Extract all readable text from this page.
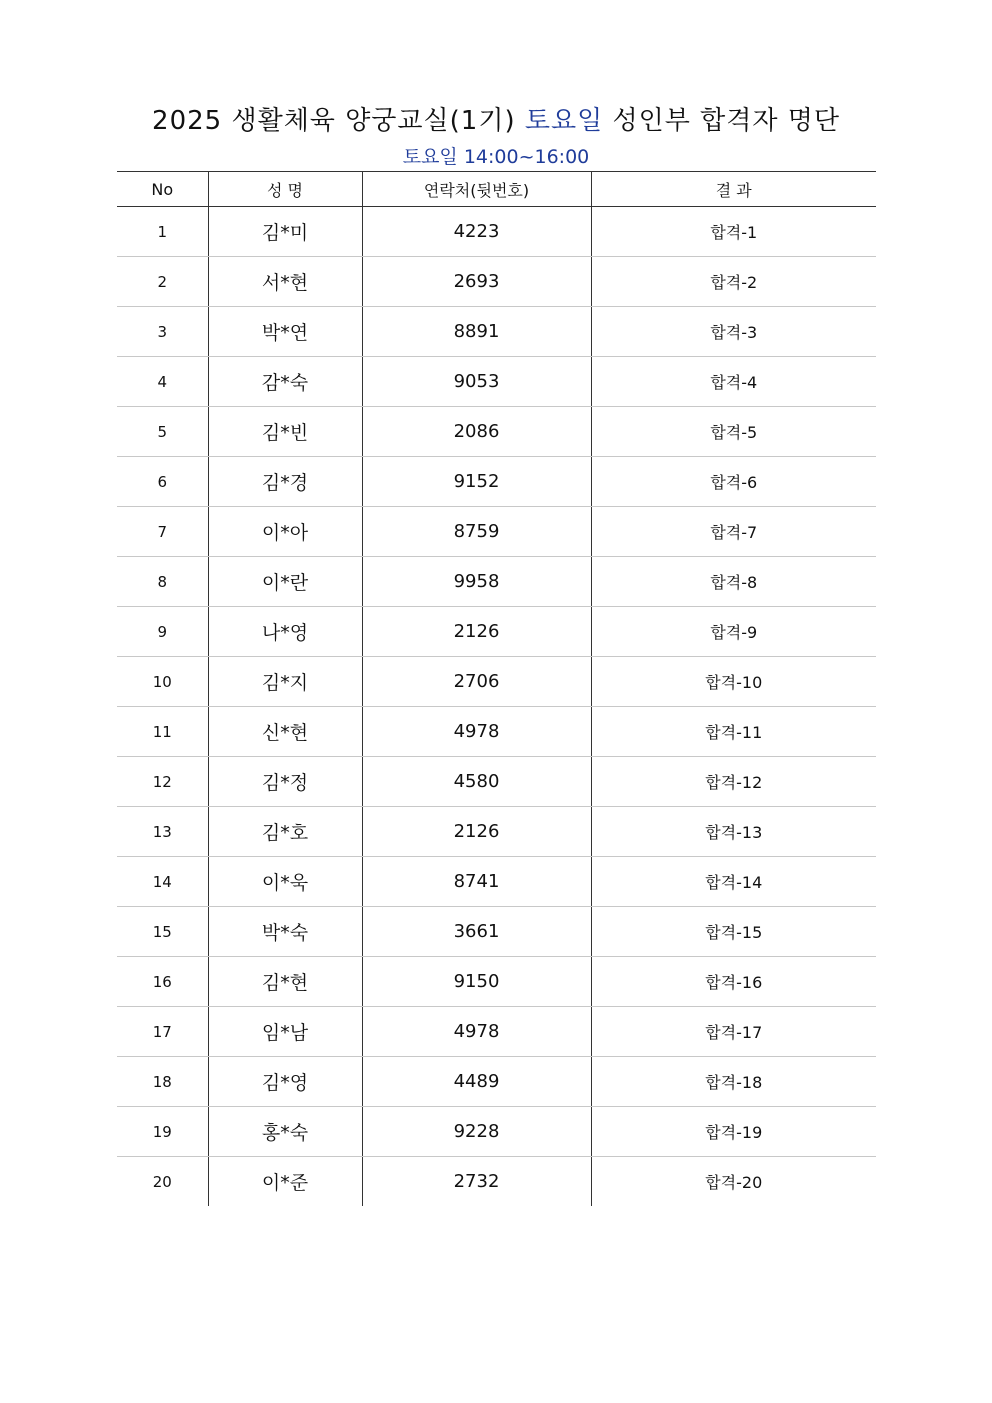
2025 생활체육 양궁교실(1기) 토요일 성인부 합격자 명단
토요일 14:00~16:00
No	성 명	연락처(뒷번호)	결 과
1	김*미	4223	합격-1
2	서*현	2693	합격-2
3	박*연	8891	합격-3
4	감*숙	9053	합격-4
5	김*빈	2086	합격-5
6	김*경	9152	합격-6
7	이*아	8759	합격-7
8	이*란	9958	합격-8
9	나*영	2126	합격-9
10	김*지	2706	합격-10
11	신*현	4978	합격-11
12	김*정	4580	합격-12
13	김*호	2126	합격-13
14	이*욱	8741	합격-14
15	박*숙	3661	합격-15
16	김*현	9150	합격-16
17	임*남	4978	합격-17
18	김*영	4489	합격-18
19	홍*숙	9228	합격-19
20	이*준	2732	합격-20
